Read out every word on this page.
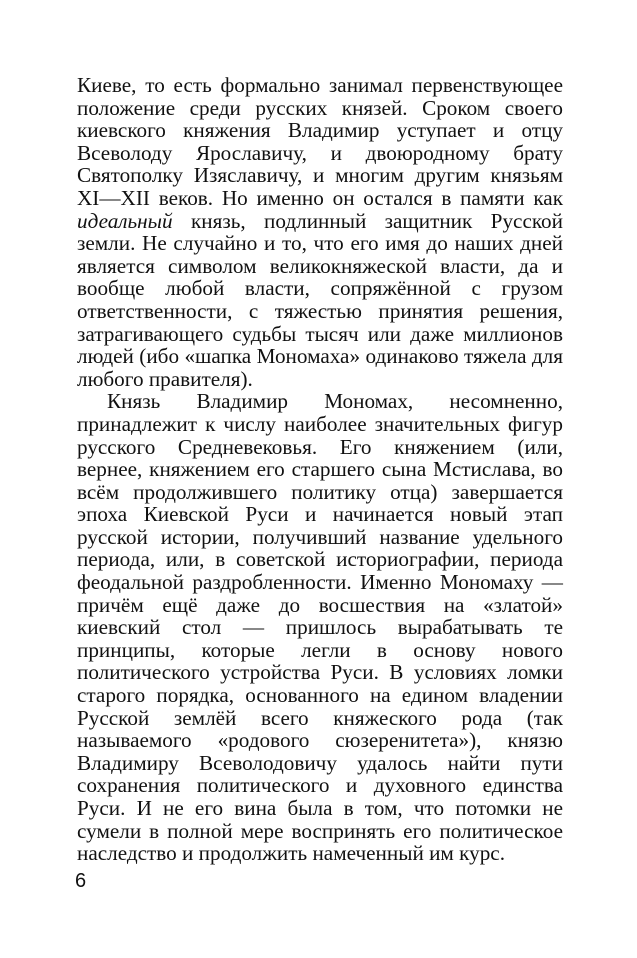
Киеве, то есть формально занимал первенствующее положение среди русских князей. Сроком своего киевского княжения Владимир уступает и отцу Всеволоду Ярославичу, и двоюродному брату Святополку Изяславичу, и многим другим князьям XI—XII веков. Но именно он остался в памяти как идеальный князь, подлинный защитник Русской земли. Не случайно и то, что его имя до наших дней является символом великокняжеской власти, да и вообще любой власти, сопряжённой с грузом ответственности, с тяжестью принятия решения, затрагивающего судьбы тысяч или даже миллионов людей (ибо «шапка Мономаха» одинаково тяжела для любого правителя).

Князь Владимир Мономах, несомненно, принадлежит к числу наиболее значительных фигур русского Средневековья. Его княжением (или, вернее, княжением его старшего сына Мстислава, во всём продолжившего политику отца) завершается эпоха Киевской Руси и начинается новый этап русской истории, получивший название удельного периода, или, в советской историографии, периода феодальной раздробленности. Именно Мономаху — причём ещё даже до восшествия на «златой» киевский стол — пришлось вырабатывать те принципы, которые легли в основу нового политического устройства Руси. В условиях ломки старого порядка, основанного на едином владении Русской землёй всего княжеского рода (так называемого «родового сюзеренитета»), князю Владимиру Всеволодовичу удалось найти пути сохранения политического и духовного единства Руси. И не его вина была в том, что потомки не сумели в полной мере воспринять его политическое наследство и продолжить намеченный им курс.

6
